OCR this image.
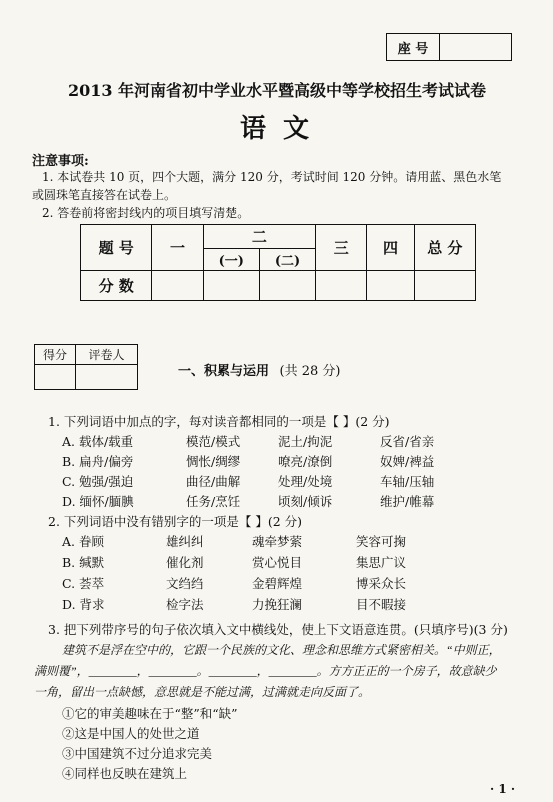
座 号	
2013 年河南省初中学业水平暨高级中等学校招生考试试卷
语 文
注意事项:
1. 本试卷共 10 页，四个大题，满分 120 分，考试时间 120 分钟。请用蓝、黑色水笔
或圆珠笔直接答在试卷上。
2. 答卷前将密封线内的项目填写清楚。
题 号	一	二		三	四	总 分
		(一)	(二)			
分 数						
得分	评卷人

一、积累与运用 (共 28 分)
1. 下列词语中加点的字，每对读音都相同的一项是【 】(2 分)
A. 载体/载重	模范/模式	泥土/拘泥	反省/省亲
B. 扁舟/偏旁	惆怅/绸缪	嘹亮/潦倒	奴婢/裨益
C. 勉强/强迫	曲径/曲解	处理/处境	车轴/压轴
D. 缅怀/腼腆	任务/烹饪	顷刻/倾诉	维护/帷幕
2. 下列词语中没有错别字的一项是【 】(2 分)
A. 眷顾	雄纠纠	魂牵梦萦	笑容可掬
B. 缄默	催化剂	赏心悦目	集思广议
C. 荟萃	文绉绉	金碧辉煌	博采众长
D. 背求	检字法	力挽狂澜	目不暇接
3. 把下列带序号的句子依次填入文中横线处，使上下文语意连贯。(只填序号)(3 分)
建筑不是浮在空中的，它跟一个民族的文化、理念和思维方式紧密相关。“中则正，
满则覆”，________，________。________，________。方方正正的一个房子，故意缺少
一角，留出一点缺憾，意思就是不能过满，过满就走向反面了。
①它的审美趣味在于“整”和“缺”
②这是中国人的处世之道
③中国建筑不过分追求完美
④同样也反映在建筑上
· 1 ·
